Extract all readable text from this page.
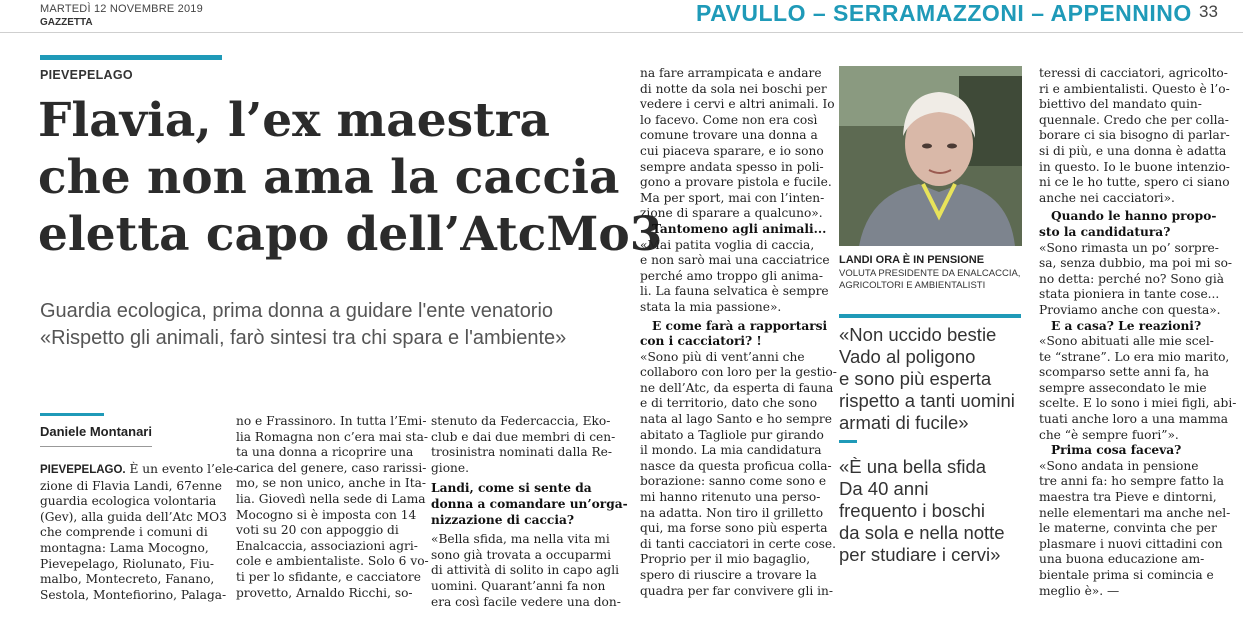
MARTEDÌ 12 NOVEMBRE 2019
GAZZETTA	PAVULLO – SERRAMAZZONI – APPENNINO 33
PIEVEPELAGO
Flavia, l’ex maestra
che non ama la caccia
eletta capo dell’AtcMo3
Guardia ecologica, prima donna a guidare l'ente venatorio
«Rispetto gli animali, farò sintesi tra chi spara e l'ambiente»
Daniele Montanari
PIEVEPELAGO. È un evento l’ele-
zione di Flavia Landi, 67enne
guardia ecologica volontaria
(Gev), alla guida dell’Atc MO3
che comprende i comuni di
montagna: Lama Mocogno,
Pievepelago, Riolunato, Fiu-
malbo, Montecreto, Fanano,
Sestola, Montefiorino, Palaga-
no e Frassinoro. In tutta l’Emi-
lia Romagna non c’era mai sta-
ta una donna a ricoprire una
carica del genere, caso rarissi-
mo, se non unico, anche in Ita-
lia. Giovedì nella sede di Lama
Mocogno si è imposta con 14
voti su 20 con appoggio di
Enalcaccia, associazioni agri-
cole e ambientaliste. Solo 6 vo-
ti per lo sfidante, e cacciatore
provetto, Arnaldo Ricchi, so-
stenuto da Federcaccia, Eko-
club e dai due membri di cen-
trosinistra nominati dalla Re-
gione.
Landi, come si sente da
donna a comandare un’orga-
nizzazione di caccia?
«Bella sfida, ma nella vita mi
sono già trovata a occuparmi
di attività di solito in capo agli
uomini. Quarant’anni fa non
era così facile vedere una don-
na fare arrampicata e andare
di notte da sola nei boschi per
vedere i cervi e altri animali. Io
lo facevo. Come non era così
comune trovare una donna a
cui piaceva sparare, e io sono
sempre andata spesso in poli-
gono a provare pistola e fucile.
Ma per sport, mai con l’inten-
zione di sparare a qualcuno».
Tantomeno agli animali...
«Mai patita voglia di caccia,
e non sarò mai una cacciatrice
perché amo troppo gli anima-
li. La fauna selvatica è sempre
stata la mia passione».
E come farà a rapportarsi
con i cacciatori? !
«Sono più di vent’anni che
collaboro con loro per la gestio-
ne dell’Atc, da esperta di fauna
e di territorio, dato che sono
nata al lago Santo e ho sempre
abitato a Tagliole pur girando
il mondo. La mia candidatura
nasce da questa proficua colla-
borazione: sanno come sono e
mi hanno ritenuto una perso-
na adatta. Non tiro il grilletto
qui, ma forse sono più esperta
di tanti cacciatori in certe cose.
Proprio per il mio bagaglio,
spero di riuscire a trovare la
quadra per far convivere gli in-
LANDI ORA È IN PENSIONE
VOLUTA PRESIDENTE DA ENALCACCIA,
AGRICOLTORI E AMBIENTALISTI
«Non uccido bestie
Vado al poligono
e sono più esperta
rispetto a tanti uomini
armati di fucile»
«È una bella sfida
Da 40 anni
frequento i boschi
da sola e nella notte
per studiare i cervi»
teressi di cacciatori, agricolto-
ri e ambientalisti. Questo è l’o-
biettivo del mandato quin-
quennale. Credo che per colla-
borare ci sia bisogno di parlar-
si di più, e una donna è adatta
in questo. Io le buone intenzio-
ni ce le ho tutte, spero ci siano
anche nei cacciatori».
Quando le hanno propo-
sto la candidatura?
«Sono rimasta un po’ sorpre-
sa, senza dubbio, ma poi mi so-
no detta: perché no? Sono già
stata pioniera in tante cose...
Proviamo anche con questa».
E a casa? Le reazioni?
«Sono abituati alle mie scel-
te “strane”. Lo era mio marito,
scomparso sette anni fa, ha
sempre assecondato le mie
scelte. E lo sono i miei figli, abi-
tuati anche loro a una mamma
che “è sempre fuori”».
Prima cosa faceva?
«Sono andata in pensione
tre anni fa: ho sempre fatto la
maestra tra Pieve e dintorni,
nelle elementari ma anche nel-
le materne, convinta che per
plasmare i nuovi cittadini con
una buona educazione am-
bientale prima si comincia e
meglio è». —
